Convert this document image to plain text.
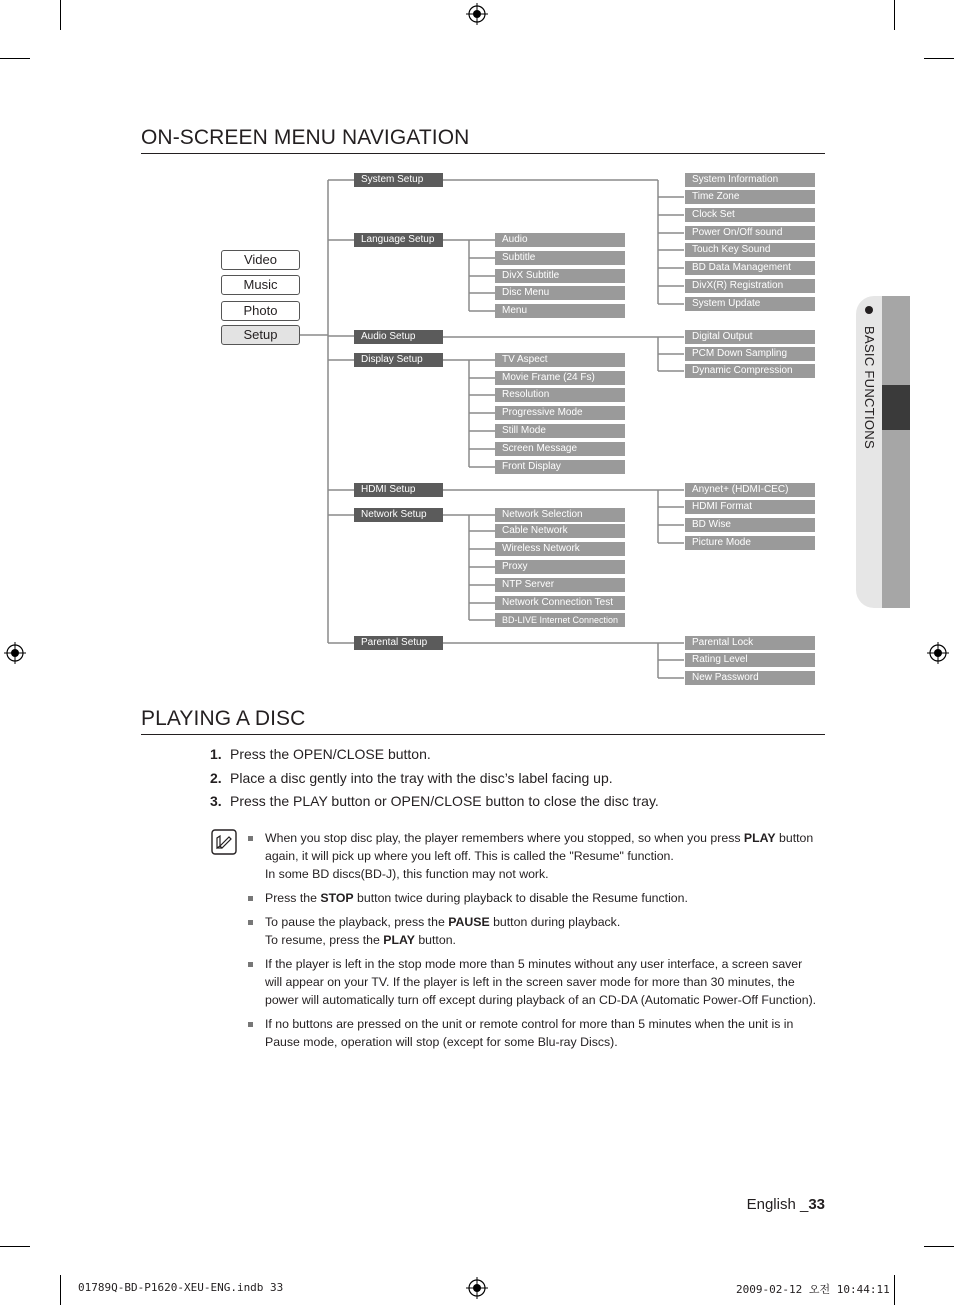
ON-SCREEN MENU NAVIGATION
Video
Music
Photo
Setup
System Setup
Language Setup
Audio Setup
Display Setup
HDMI Setup
Network Setup
Parental Setup
System Information
Time Zone
Clock Set
Power On/Off sound
Touch Key Sound
BD Data Management
DivX(R) Registration
System Update
Audio
Subtitle
DivX Subtitle
Disc Menu
Menu
Digital Output
PCM Down Sampling
Dynamic Compression
TV Aspect
Movie Frame (24 Fs)
Resolution
Progressive Mode
Still Mode
Screen Message
Front Display
Anynet+ (HDMI-CEC)
HDMI Format
BD Wise
Picture Mode
Network Selection
Cable Network
Wireless Network
Proxy
NTP Server
Network Connection Test
BD-LIVE Internet Connection
Parental Lock
Rating Level
New Password
PLAYING A DISC
1. Press the OPEN/CLOSE button.
2. Place a disc gently into the tray with the disc’s label facing up.
3. Press the PLAY button or OPEN/CLOSE button to close the disc tray.
When you stop disc play, the player remembers where you stopped, so when you press PLAY button again, it will pick up where you left off. This is called the "Resume" function.
In some BD discs(BD-J), this function may not work.
Press the STOP button twice during playback to disable the Resume function.
To pause the playback, press the PAUSE button during playback.
To resume, press the PLAY button.
If the player is left in the stop mode more than 5 minutes without any user interface, a screen saver will appear on your TV. If the player is left in the screen saver mode for more than 30 minutes, the power will automatically turn off except during playback of an CD-DA (Automatic Power-Off Function).
If no buttons are pressed on the unit or remote control for more than 5 minutes when the unit is in Pause mode, operation will stop (except for some Blu-ray Discs).
BASIC FUNCTIONS
English _33
01789Q-BD-P1620-XEU-ENG.indb 33	2009-02-12 오전 10:44:11
